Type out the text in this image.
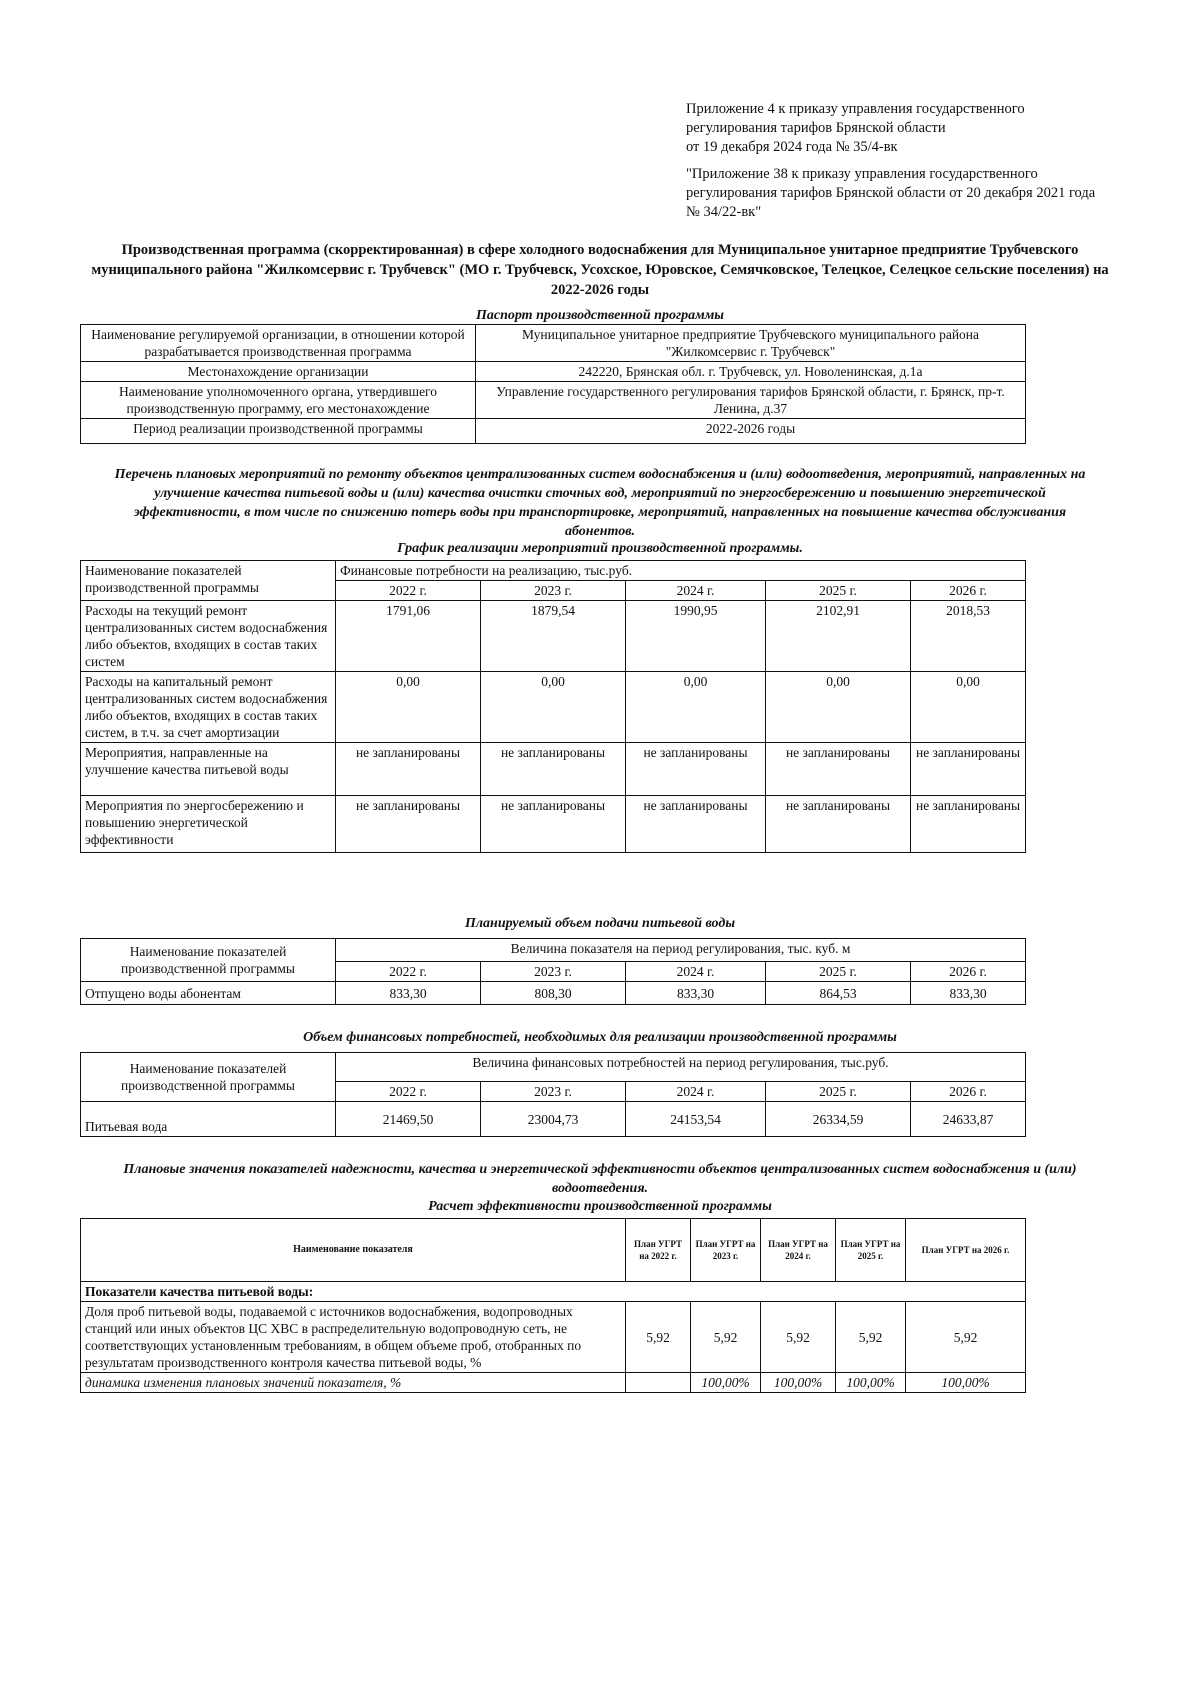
Приложение 4 к приказу управления государственного регулирования тарифов Брянской области

от 19 декабря 2024 года № 35/4-вк

"Приложение 38 к приказу управления государственного регулирования тарифов Брянской области от 20 декабря 2021 года № 34/22-вк"

Производственная программа (скорректированная) в сфере холодного водоснабжения для Муниципальное унитарное предприятие Трубчевского муниципального района "Жилкомсервис г. Трубчевск" (МО г. Трубчевск, Усохское, Юровское, Семячковское, Телецкое, Селецкое сельские поселения) на 2022-2026 годы
Паспорт производственной программы
Наименование регулируемой организации, в отношении которой разрабатывается производственная программа	Муниципальное унитарное предприятие Трубчевского муниципального района "Жилкомсервис г. Трубчевск"
Местонахождение организации	242220, Брянская обл. г. Трубчевск, ул. Новоленинская, д.1а
Наименование уполномоченного органа, утвердившего производственную программу, его местонахождение	Управление государственного регулирования тарифов Брянской области, г. Брянск, пр-т. Ленина, д.37
Период реализации производственной программы	2022-2026 годы
Перечень плановых мероприятий по ремонту объектов централизованных систем водоснабжения и (или) водоотведения, мероприятий, направленных на улучшение качества питьевой воды и (или) качества очистки сточных вод, мероприятий по энергосбережению и повышению энергетической эффективности, в том числе по снижению потерь воды при транспортировке, мероприятий, направленных на повышение качества обслуживания абонентов.
График реализации мероприятий производственной программы.
Наименование показателей производственной программы	Финансовые потребности на реализацию, тыс.руб.				
	2022 г.	2023 г.	2024 г.	2025 г.	2026 г.
Расходы на текущий ремонт централизованных систем водоснабжения либо объектов, входящих в состав таких систем	1791,06	1879,54	1990,95	2102,91	2018,53
Расходы на капитальный ремонт централизованных систем водоснабжения либо объектов, входящих в состав таких систем, в т.ч. за счет амортизации	0,00	0,00	0,00	0,00	0,00
Мероприятия, направленные на улучшение качества питьевой воды	не запланированы	не запланированы	не запланированы	не запланированы	не запланированы
Мероприятия по энергосбережению и повышению энергетической эффективности	не запланированы	не запланированы	не запланированы	не запланированы	не запланированы
Планируемый объем подачи питьевой воды
Наименование показателей производственной программы	Величина показателя на период регулирования, тыс. куб. м				
	2022 г.	2023 г.	2024 г.	2025 г.	2026 г.
Отпущено воды абонентам	833,30	808,30	833,30	864,53	833,30
Объем финансовых потребностей, необходимых для реализации производственной программы
Наименование показателей производственной программы	Величина финансовых потребностей на период регулирования, тыс.руб.				
	2022 г.	2023 г.	2024 г.	2025 г.	2026 г.
Питьевая вода	21469,50	23004,73	24153,54	26334,59	24633,87
Плановые значения показателей надежности, качества и энергетической эффективности объектов централизованных систем водоснабжения и (или) водоотведения.
Расчет эффективности производственной программы
Наименование показателя	План УГРТ на 2022 г.	План УГРТ на 2023 г.	План УГРТ на 2024 г.	План УГРТ на 2025 г.	План УГРТ на 2026 г.
Показатели качества питьевой воды:					
Доля проб питьевой воды, подаваемой с источников водоснабжения, водопроводных станций или иных объектов ЦС ХВС в распределительную водопроводную сеть, не соответствующих установленным требованиям, в общем объеме проб, отобранных по результатам производственного контроля качества питьевой воды, %	5,92	5,92	5,92	5,92	5,92
динамика изменения плановых значений показателя, %		100,00%	100,00%	100,00%	100,00%
